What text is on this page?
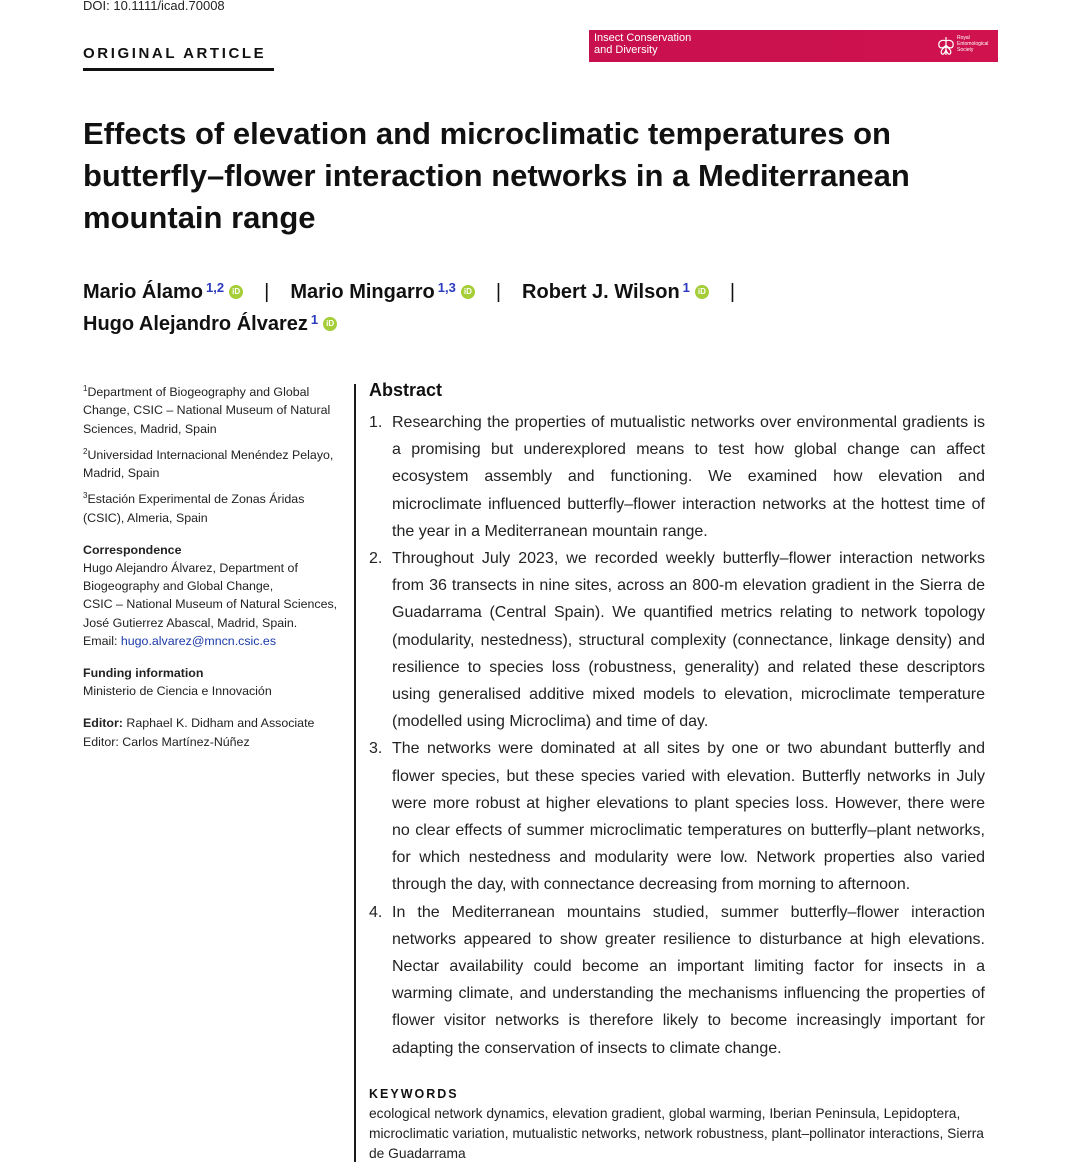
DOI: 10.1111/icad.70008
ORIGINAL ARTICLE
Insect Conservation
and Diversity
Royal
Entomological
Society
Effects of elevation and microclimatic temperatures on butterfly–flower interaction networks in a Mediterranean mountain range
Mario Álamo$^{1,2}$	iD | Mario Mingarro$^{1,3}$	iD | Robert J. Wilson$^1$	iD |
Hugo Alejandro Álvarez$^1$	iD
$^1$Department of Biogeography and Global Change, CSIC – National Museum of Natural Sciences, Madrid, Spain
$^2$Universidad Internacional Menéndez Pelayo, Madrid, Spain
$^3$Estación Experimental de Zonas Áridas (CSIC), Almeria, Spain
Correspondence
Hugo Alejandro Álvarez, Department of
Biogeography and Global Change,
CSIC – National Museum of Natural Sciences,
José Gutierrez Abascal, Madrid, Spain.
Email: hugo.alvarez@mncn.csic.es
Funding information
Ministerio de Ciencia e Innovación
Editor: Raphael K. Didham and Associate
Editor: Carlos Martínez-Núñez
Abstract
1. Researching the properties of mutualistic networks over environmental gradients is a promising but underexplored means to test how global change can affect ecosystem assembly and functioning. We examined how elevation and microclimate influenced butterfly–flower interaction networks at the hottest time of the year in a Mediterranean mountain range.
2. Throughout July 2023, we recorded weekly butterfly–flower interaction networks from 36 transects in nine sites, across an 800-m elevation gradient in the Sierra de Guadarrama (Central Spain). We quantified metrics relating to network topology (modularity, nestedness), structural complexity (connectance, linkage density) and resilience to species loss (robustness, generality) and related these descriptors using generalised additive mixed models to elevation, microclimate temperature (modelled using Microclima) and time of day.
3. The networks were dominated at all sites by one or two abundant butterfly and flower species, but these species varied with elevation. Butterfly networks in July were more robust at higher elevations to plant species loss. However, there were no clear effects of summer microclimatic temperatures on butterfly–plant networks, for which nestedness and modularity were low. Network properties also varied through the day, with connectance decreasing from morning to afternoon.
4. In the Mediterranean mountains studied, summer butterfly–flower interaction networks appeared to show greater resilience to disturbance at high elevations. Nectar availability could become an important limiting factor for insects in a warming climate, and understanding the mechanisms influencing the properties of flower visitor networks is therefore likely to become increasingly important for adapting the conservation of insects to climate change.
KEYWORDS
ecological network dynamics, elevation gradient, global warming, Iberian Peninsula, Lepidoptera, microclimatic variation, mutualistic networks, network robustness, plant–pollinator interactions, Sierra de Guadarrama
